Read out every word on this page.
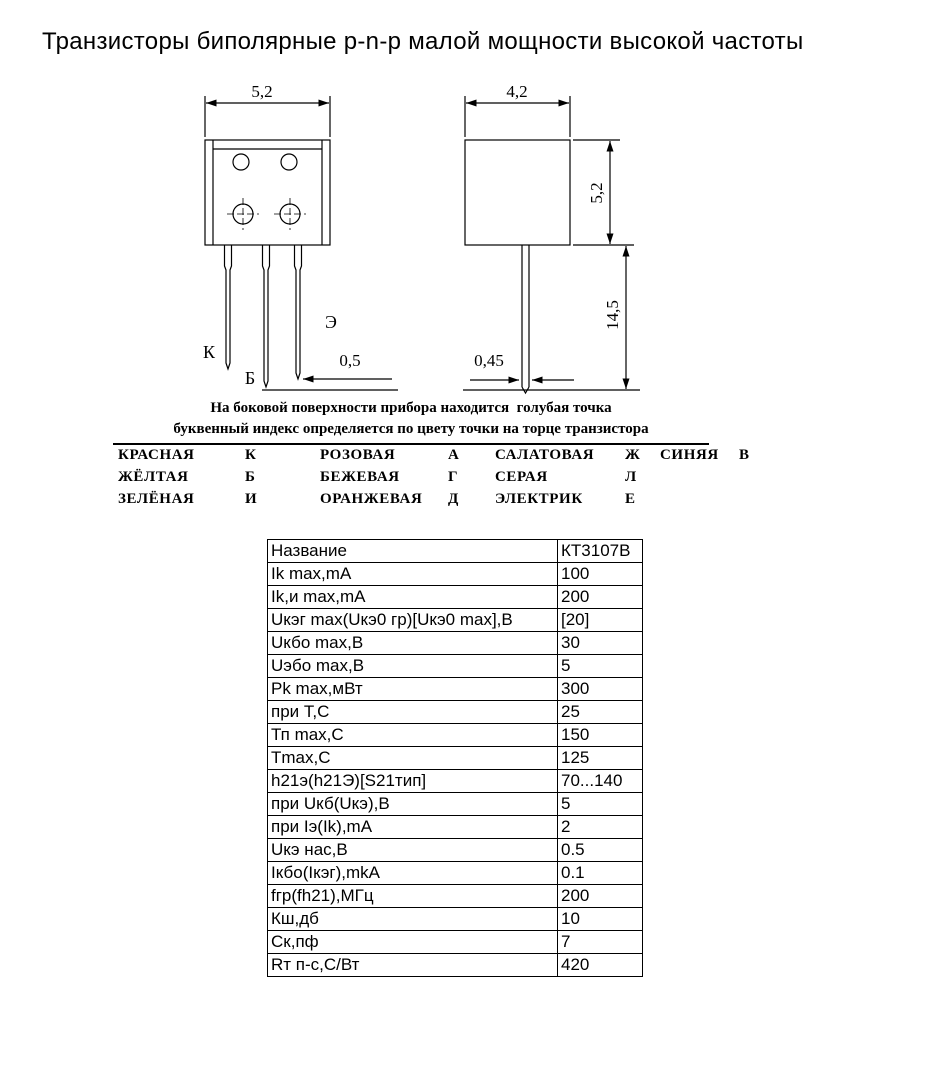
Транзисторы биполярные p-n-p малой мощности высокой частоты
5,2	4,2
5,2
14,5
0,5	0,45
К
Б
Э
На боковой поверхности прибора находится  голубая точка
буквенный индекс определяется по цвету точки на торце транзистора
КРАСНАЯ	К	РОЗОВАЯ	А	САЛАТОВАЯ	Ж	СИНЯЯ	В
ЖЁЛТАЯ	Б	БЕЖЕВАЯ	Г	СЕРАЯ	Л
ЗЕЛЁНАЯ	И	ОРАНЖЕВАЯ	Д	ЭЛЕКТРИК	Е
Название	КТ3107В
Ik max,mA	100
Ik,и max,mA	200
Uкэг max(Uкэ0 гр)[Uкэ0 max],В	[20]
Uкбо max,В	30
Uэбо max,В	5
Pk max,мВт	300
при Т,С	25
Тп max,С	150
Tmax,С	125
h21э(h21Э)[S21тип]	70...140
при Uкб(Uкэ),В	5
при Iэ(Ik),mA	2
Uкэ нас,В	0.5
Iкбо(Iкэг),mkA	0.1
fгр(fh21),МГц	200
Кш,дб	10
Ск,пф	7
Rт п-с,С/Вт	420
